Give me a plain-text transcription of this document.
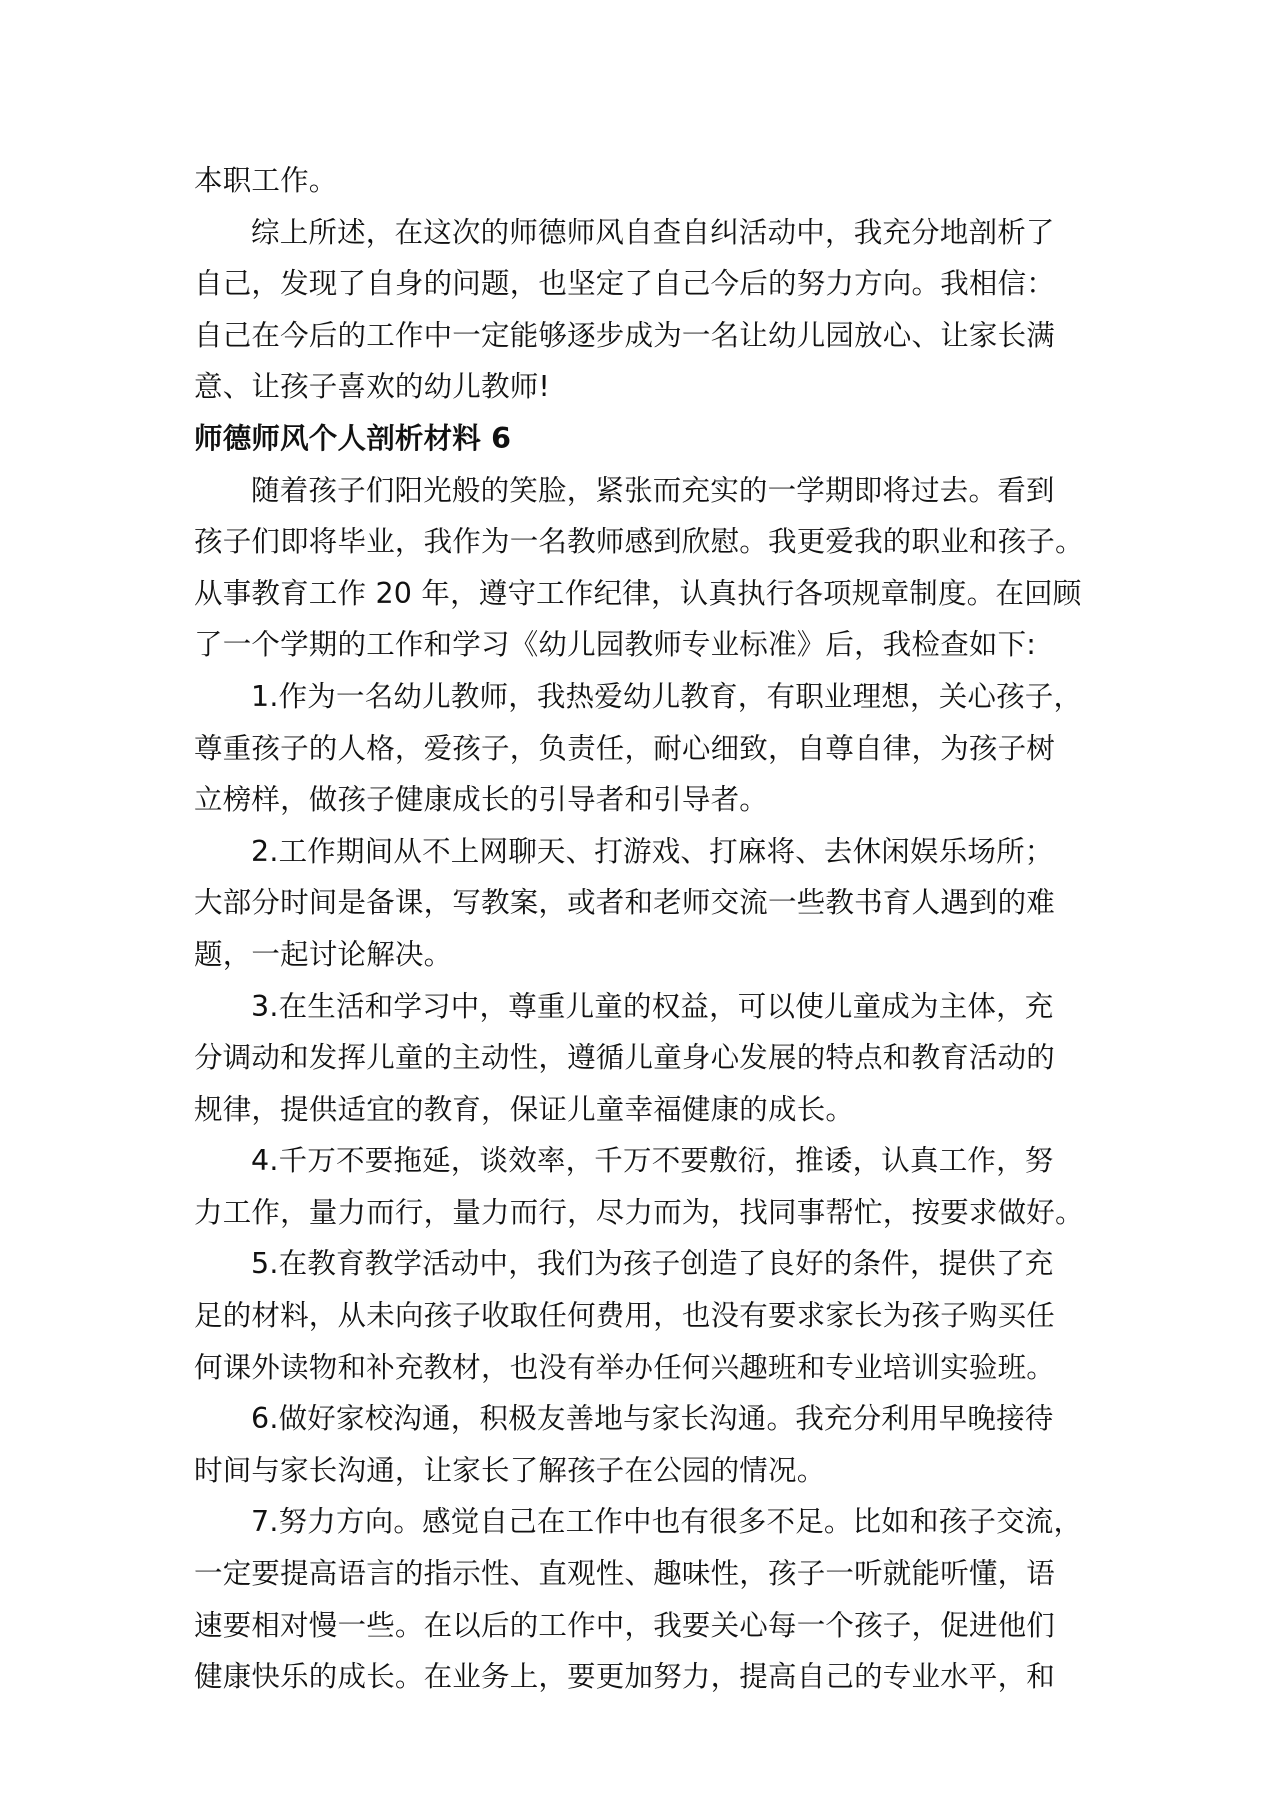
本职工作。
综上所述，在这次的师德师风自查自纠活动中，我充分地剖析了
自己，发现了自身的问题，也坚定了自己今后的努力方向。我相信：
自己在今后的工作中一定能够逐步成为一名让幼儿园放心、让家长满
意、让孩子喜欢的幼儿教师!
师德师风个人剖析材料 6
随着孩子们阳光般的笑脸，紧张而充实的一学期即将过去。看到
孩子们即将毕业，我作为一名教师感到欣慰。我更爱我的职业和孩子。
从事教育工作 20 年，遵守工作纪律，认真执行各项规章制度。在回顾
了一个学期的工作和学习《幼儿园教师专业标准》后，我检查如下:
1.作为一名幼儿教师，我热爱幼儿教育，有职业理想，关心孩子，
尊重孩子的人格，爱孩子，负责任，耐心细致，自尊自律，为孩子树
立榜样，做孩子健康成长的引导者和引导者。
2.工作期间从不上网聊天、打游戏、打麻将、去休闲娱乐场所；
大部分时间是备课，写教案，或者和老师交流一些教书育人遇到的难
题，一起讨论解决。
3.在生活和学习中，尊重儿童的权益，可以使儿童成为主体，充
分调动和发挥儿童的主动性，遵循儿童身心发展的特点和教育活动的
规律，提供适宜的教育，保证儿童幸福健康的成长。
4.千万不要拖延，谈效率，千万不要敷衍，推诿，认真工作，努
力工作，量力而行，量力而行，尽力而为，找同事帮忙，按要求做好。
5.在教育教学活动中，我们为孩子创造了良好的条件，提供了充
足的材料，从未向孩子收取任何费用，也没有要求家长为孩子购买任
何课外读物和补充教材，也没有举办任何兴趣班和专业培训实验班。
6.做好家校沟通，积极友善地与家长沟通。我充分利用早晚接待
时间与家长沟通，让家长了解孩子在公园的情况。
7.努力方向。感觉自己在工作中也有很多不足。比如和孩子交流，
一定要提高语言的指示性、直观性、趣味性，孩子一听就能听懂，语
速要相对慢一些。在以后的工作中，我要关心每一个孩子，促进他们
健康快乐的成长。在业务上，要更加努力，提高自己的专业水平，和
